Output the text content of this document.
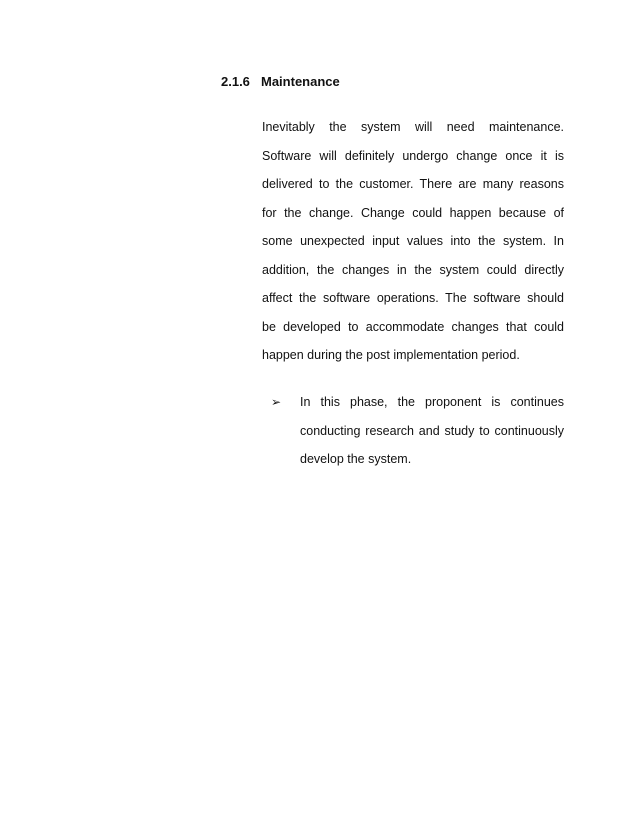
2.1.6 Maintenance

Inevitably the system will need maintenance.
Software will definitely undergo change once it is
delivered to the customer. There are many reasons
for the change. Change could happen because of
some unexpected input values into the system. In
addition, the changes in the system could directly
affect the software operations. The software should
be developed to accommodate changes that could
happen during the post implementation period.

➢	In this phase, the proponent is continues
conducting research and study to continuously
develop the system.
